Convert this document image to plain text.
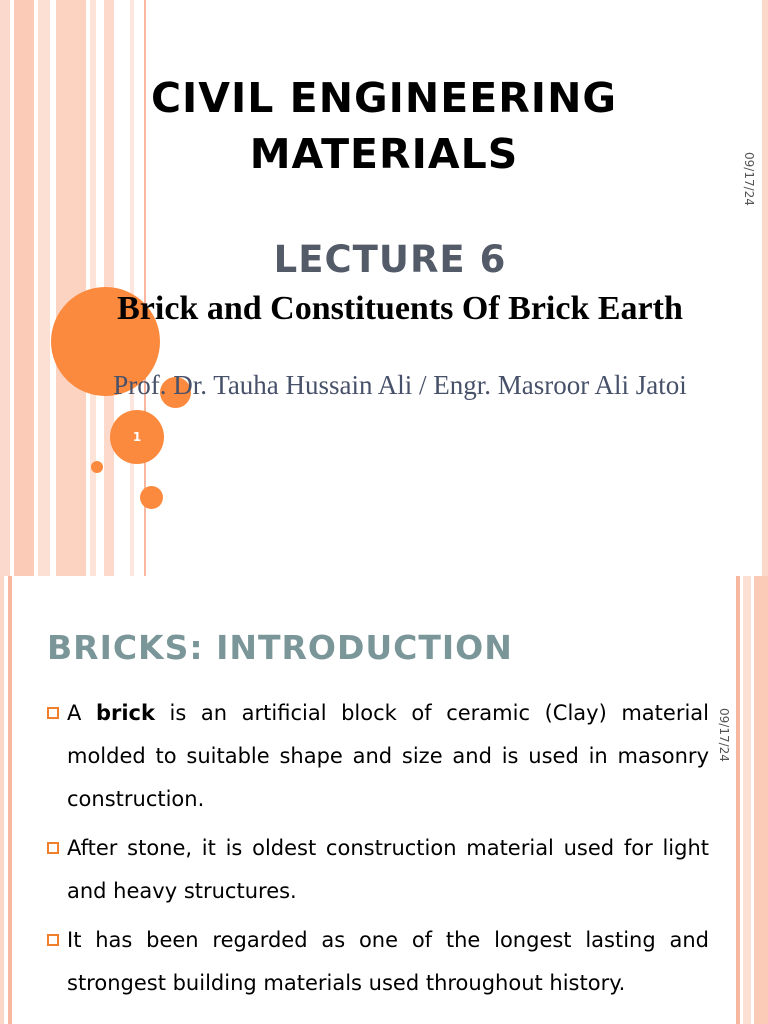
CIVIL ENGINEERING MATERIALS
LECTURE 6
Brick and Constituents Of Brick Earth
Prof. Dr. Tauha Hussain Ali / Engr. Masroor Ali Jatoi
09/17/24
1
BRICKS: INTRODUCTION
09/17/24
A brick is an artificial block of ceramic (Clay) material molded to suitable shape and size and is used in masonry construction.
After stone, it is oldest construction material used for light and heavy structures.
It has been regarded as one of the longest lasting and strongest building materials used throughout history.
